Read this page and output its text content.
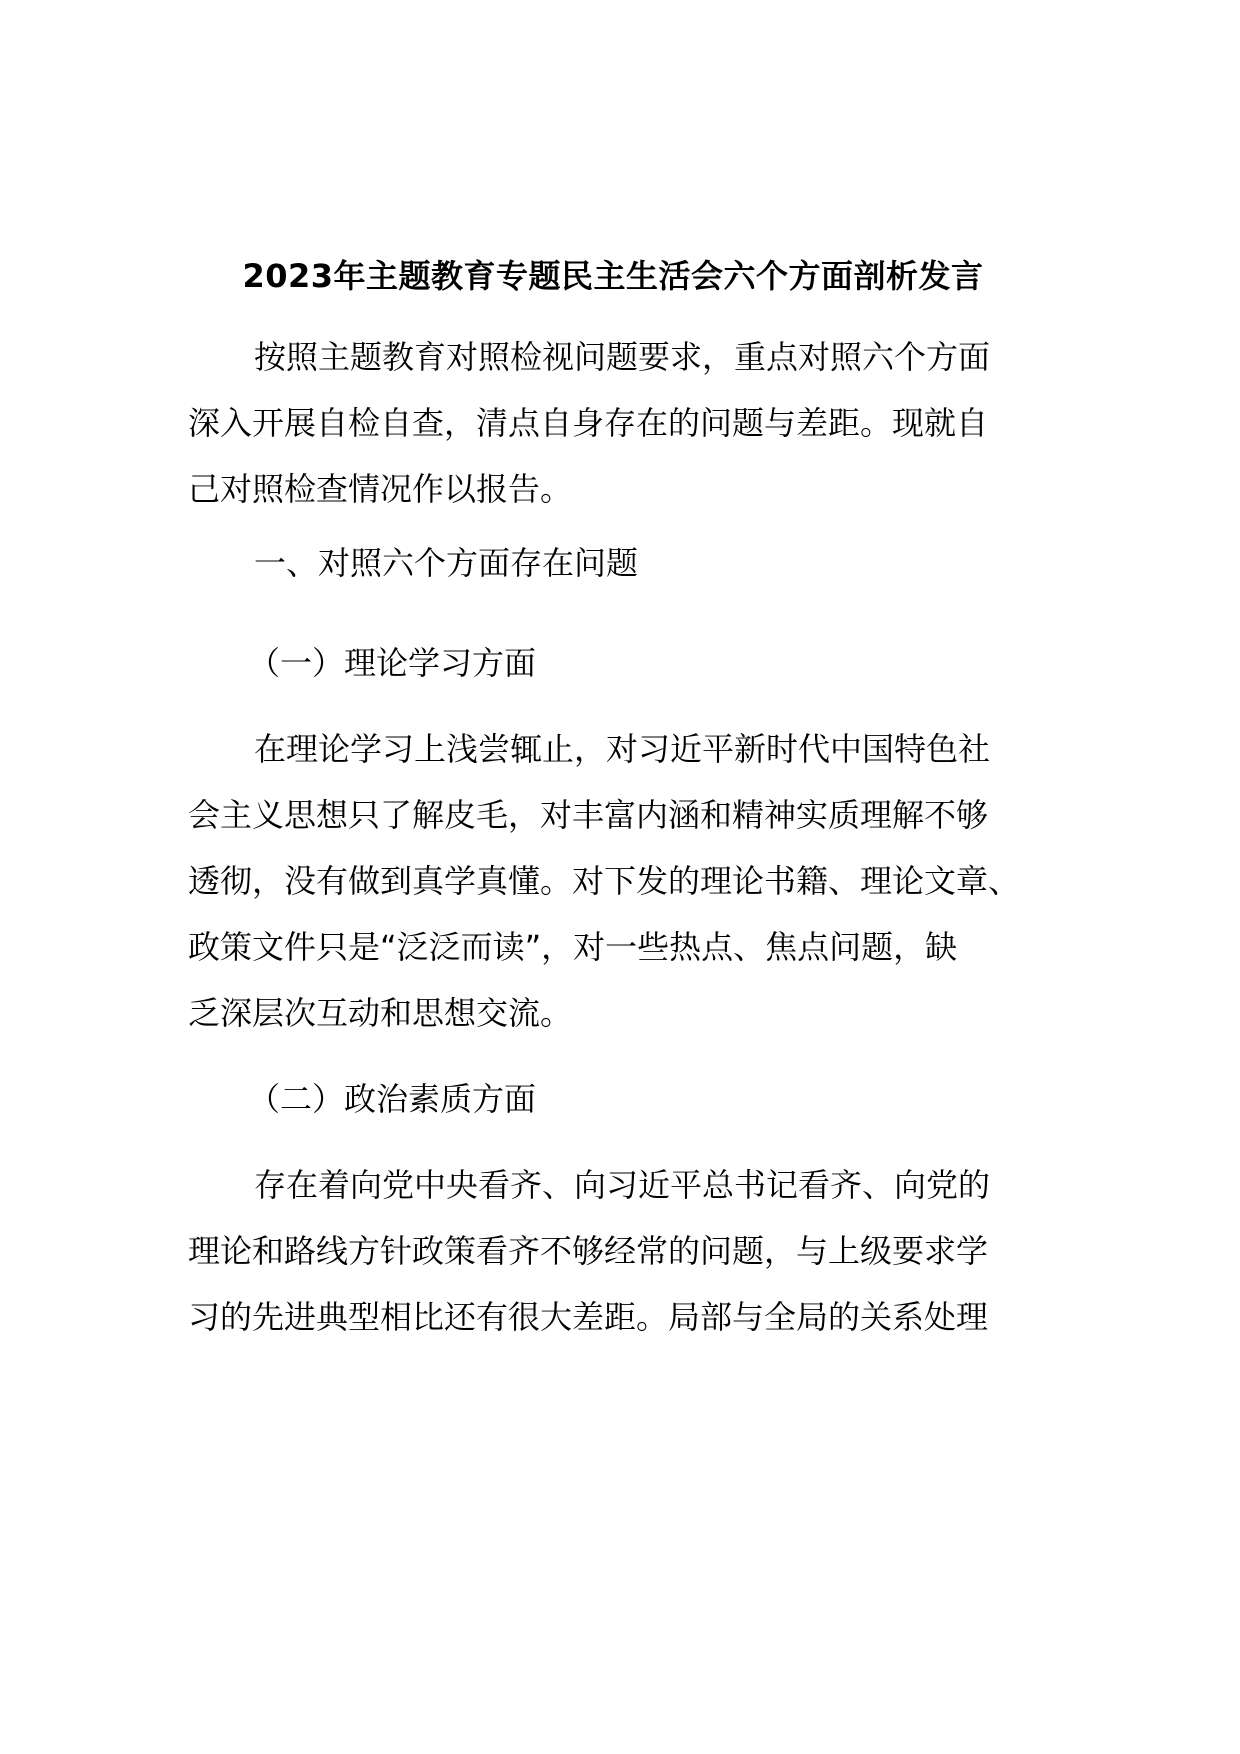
2023年主题教育专题民主生活会六个方面剖析发言
按照主题教育对照检视问题要求，重点对照六个方面
深入开展自检自查，清点自身存在的问题与差距。现就自
己对照检查情况作以报告。
一、对照六个方面存在问题
（一）理论学习方面
在理论学习上浅尝辄止，对习近平新时代中国特色社
会主义思想只了解皮毛，对丰富内涵和精神实质理解不够
透彻，没有做到真学真懂。对下发的理论书籍、理论文章、
政策文件只是“泛泛而读”，对一些热点、焦点问题，缺
乏深层次互动和思想交流。
（二）政治素质方面
存在着向党中央看齐、向习近平总书记看齐、向党的
理论和路线方针政策看齐不够经常的问题，与上级要求学
习的先进典型相比还有很大差距。局部与全局的关系处理
